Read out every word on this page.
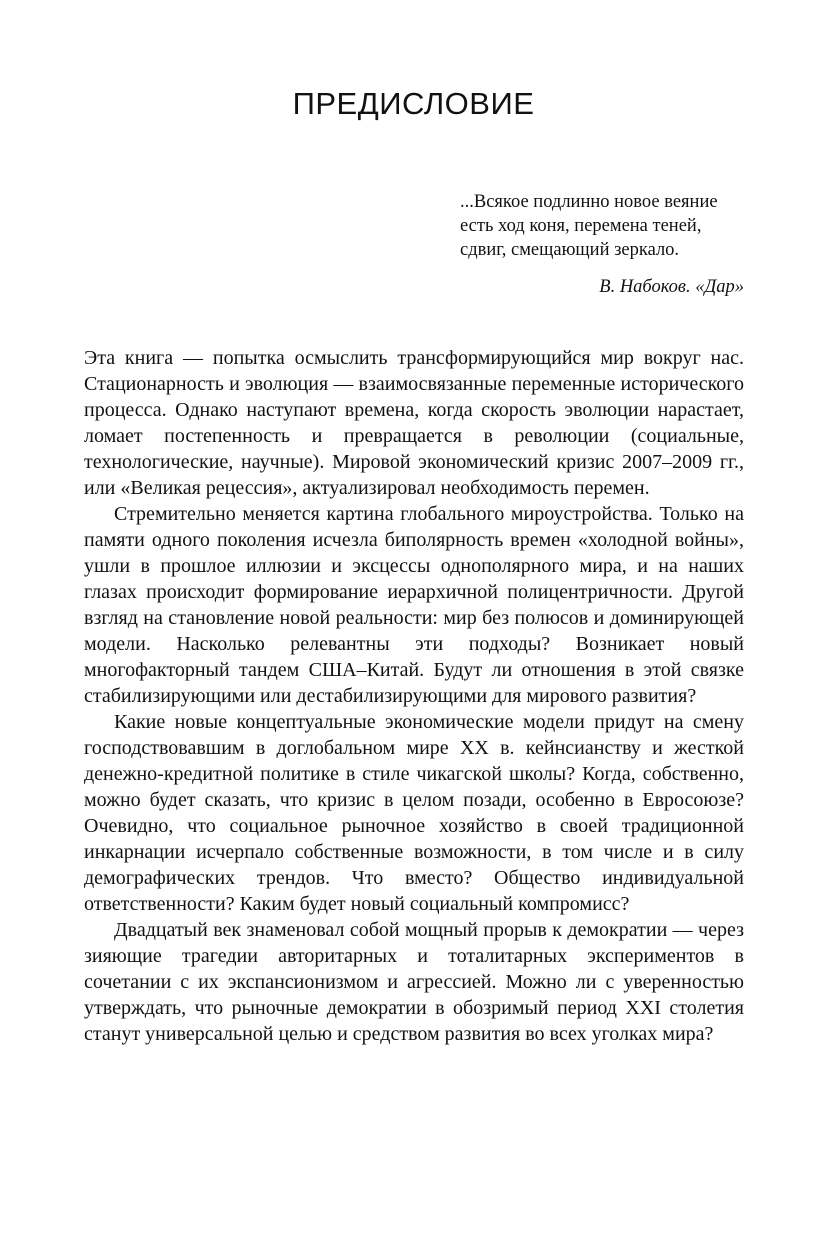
ПРЕДИСЛОВИЕ

...Всякое подлинно новое веяние есть ход коня, перемена теней, сдвиг, смещающий зеркало.

В. Набоков. «Дар»

Эта книга — попытка осмыслить трансформирующийся мир вокруг нас. Стационарность и эволюция — взаимосвязанные переменные исторического процесса. Однако наступают времена, когда скорость эволюции нарастает, ломает постепенность и превращается в революции (социальные, технологические, научные). Мировой экономический кризис 2007–2009 гг., или «Великая рецессия», актуализировал необходимость перемен.

Стремительно меняется картина глобального мироустройства. Только на памяти одного поколения исчезла биполярность времен «холодной войны», ушли в прошлое иллюзии и эксцессы однополярного мира, и на наших глазах происходит формирование иерархичной полицентричности. Другой взгляд на становление новой реальности: мир без полюсов и доминирующей модели. Насколько релевантны эти подходы? Возникает новый многофакторный тандем США–Китай. Будут ли отношения в этой связке стабилизирующими или дестабилизирующими для мирового развития?

Какие новые концептуальные экономические модели придут на смену господствовавшим в доглобальном мире XX в. кейнсианству и жесткой денежно-кредитной политике в стиле чикагской школы? Когда, собственно, можно будет сказать, что кризис в целом позади, особенно в Евросоюзе? Очевидно, что социальное рыночное хозяйство в своей традиционной инкарнации исчерпало собственные возможности, в том числе и в силу демографических трендов. Что вместо? Общество индивидуальной ответственности? Каким будет новый социальный компромисс?

Двадцатый век знаменовал собой мощный прорыв к демократии — через зияющие трагедии авторитарных и тоталитарных экспериментов в сочетании с их экспансионизмом и агрессией. Можно ли с уверенностью утверждать, что рыночные демократии в обозримый период XXI столетия станут универсальной целью и средством развития во всех уголках мира?
